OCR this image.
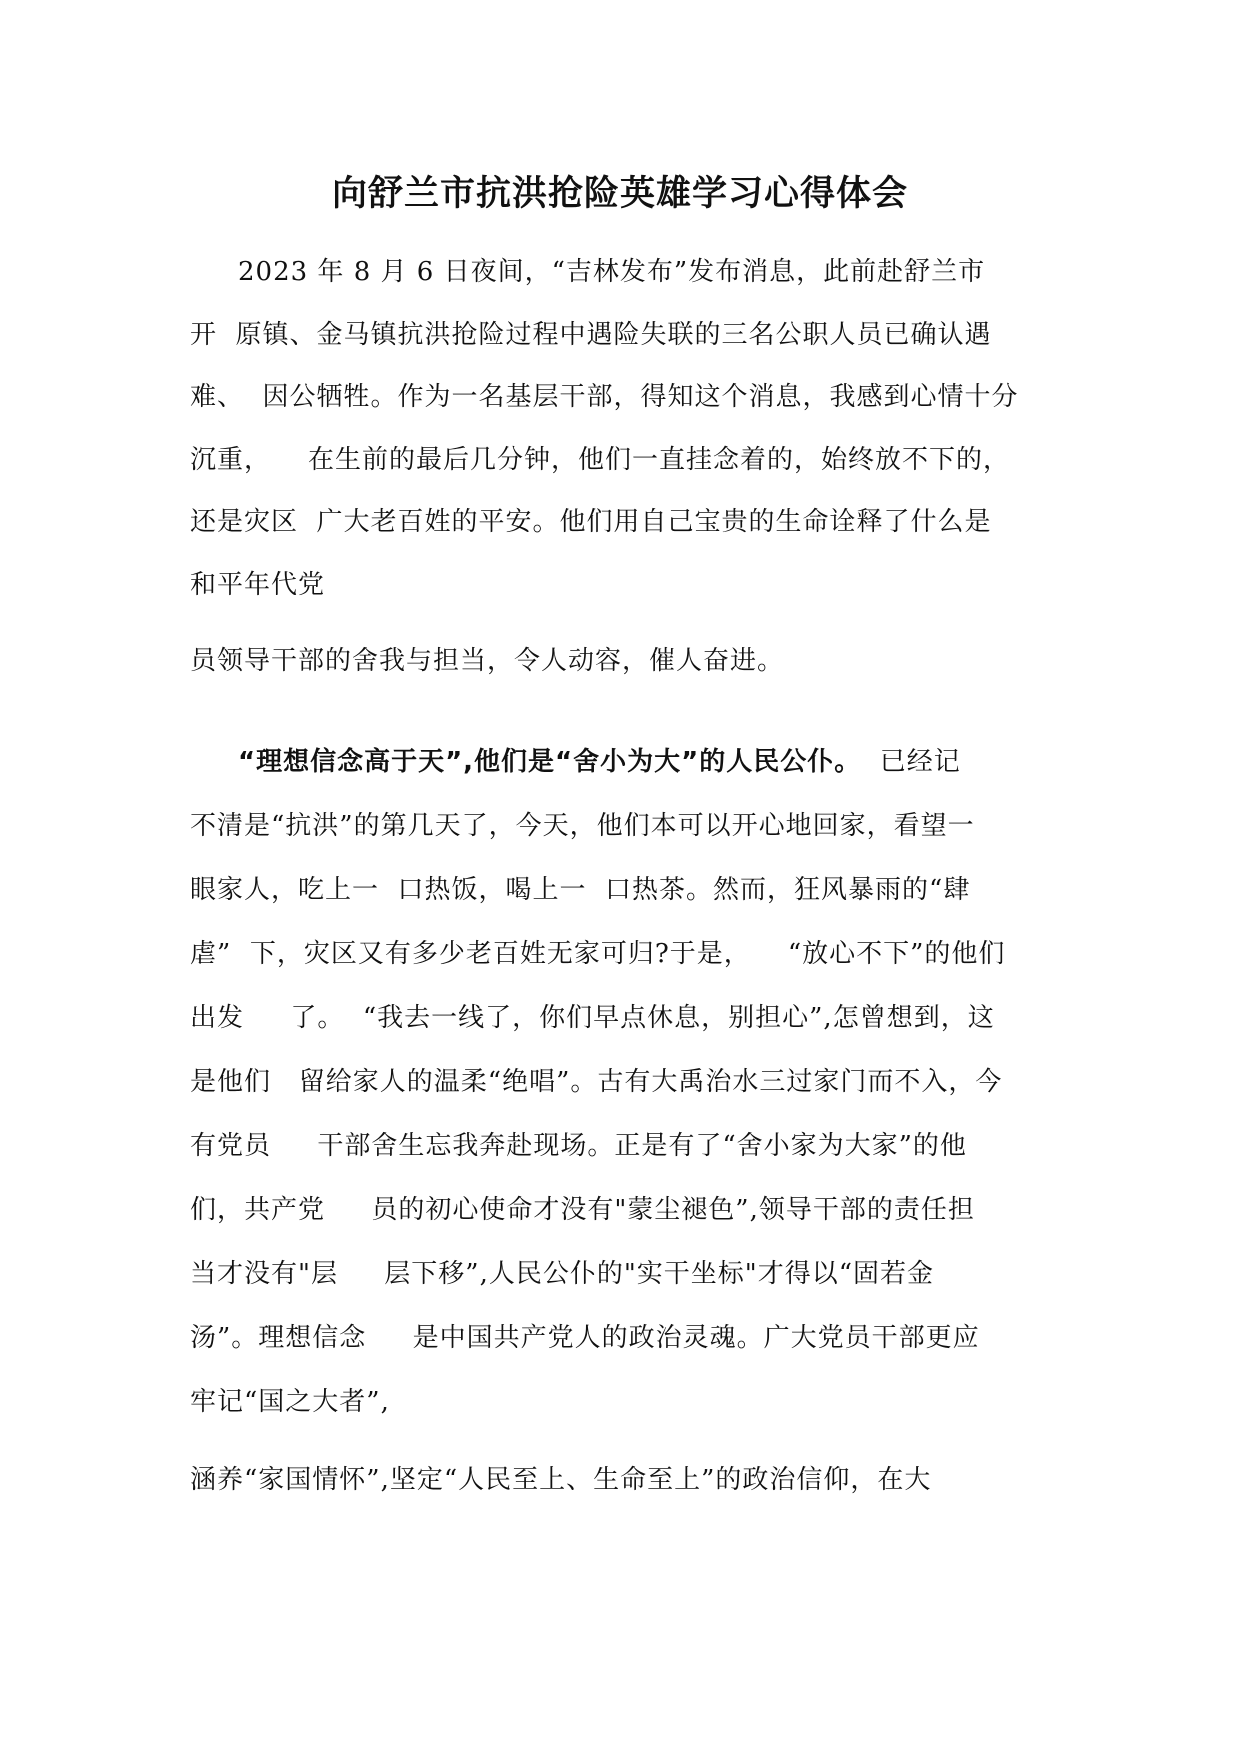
向舒兰市抗洪抢险英雄学习心得体会
2023 年 8 月 6 日夜间，“吉林发布”发布消息，此前赴舒兰市
开  原镇、金马镇抗洪抢险过程中遇险失联的三名公职人员已确认遇
难、  因公牺牲。作为一名基层干部，得知这个消息，我感到心情十分
沉重，    在生前的最后几分钟，他们一直挂念着的，始终放不下的，
还是灾区  广大老百姓的平安。他们用自己宝贵的生命诠释了什么是
和平年代党
员领导干部的舍我与担当，令人动容，催人奋进。
“理想信念高于天”,他们是“舍小为大”的人民公仆。  已经记
不清是“抗洪”的第几天了，今天，他们本可以开心地回家，看望一
眼家人，吃上一  口热饭，喝上一  口热茶。然而，狂风暴雨的“肆
虐”  下，灾区又有多少老百姓无家可归?于是，    “放心不下”的他们
出发     了。  “我去一线了，你们早点休息，别担心”,怎曾想到，这
是他们   留给家人的温柔“绝唱”。古有大禹治水三过家门而不入，今
有党员     干部舍生忘我奔赴现场。正是有了“舍小家为大家”的他
们，共产党     员的初心使命才没有"蒙尘褪色”,领导干部的责任担
当才没有"层     层下移”,人民公仆的"实干坐标"才得以“固若金
汤”。理想信念     是中国共产党人的政治灵魂。广大党员干部更应
牢记“国之大者”,
涵养“家国情怀”,坚定“人民至上、生命至上”的政治信仰，在大
